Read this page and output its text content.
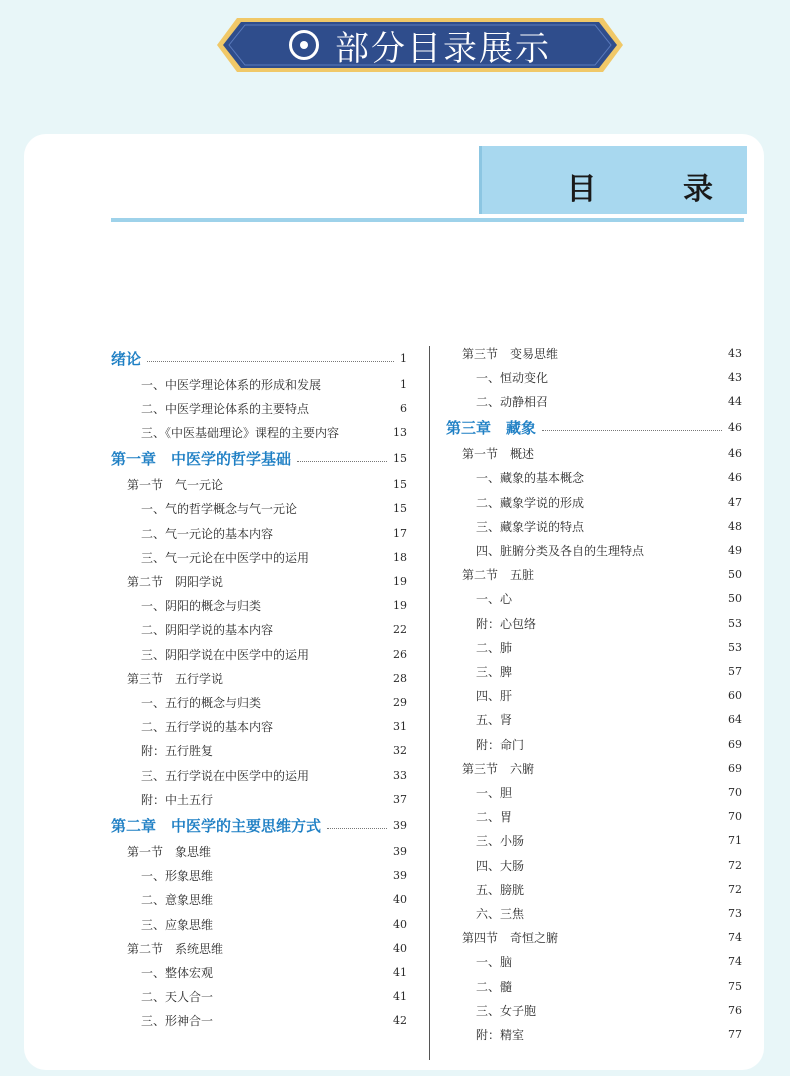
部分目录展示
目 录
绪论	1
一、中医学理论体系的形成和发展	1
二、中医学理论体系的主要特点	6
三、《中医基础理论》课程的主要内容	13
第一章　中医学的哲学基础	15
第一节　气一元论	15
一、气的哲学概念与气一元论	15
二、气一元论的基本内容	17
三、气一元论在中医学中的运用	18
第二节　阴阳学说	19
一、阴阳的概念与归类	19
二、阴阳学说的基本内容	22
三、阴阳学说在中医学中的运用	26
第三节　五行学说	28
一、五行的概念与归类	29
二、五行学说的基本内容	31
附：五行胜复	32
三、五行学说在中医学中的运用	33
附：中土五行	37
第二章　中医学的主要思维方式	39
第一节　象思维	39
一、形象思维	39
二、意象思维	40
三、应象思维	40
第二节　系统思维	40
一、整体宏观	41
二、天人合一	41
三、形神合一	42
第三节　变易思维	43
一、恒动变化	43
二、动静相召	44
第三章　藏象	46
第一节　概述	46
一、藏象的基本概念	46
二、藏象学说的形成	47
三、藏象学说的特点	48
四、脏腑分类及各自的生理特点	49
第二节　五脏	50
一、心	50
附：心包络	53
二、肺	53
三、脾	57
四、肝	60
五、肾	64
附：命门	69
第三节　六腑	69
一、胆	70
二、胃	70
三、小肠	71
四、大肠	72
五、膀胱	72
六、三焦	73
第四节　奇恒之腑	74
一、脑	74
二、髓	75
三、女子胞	76
附：精室	77
